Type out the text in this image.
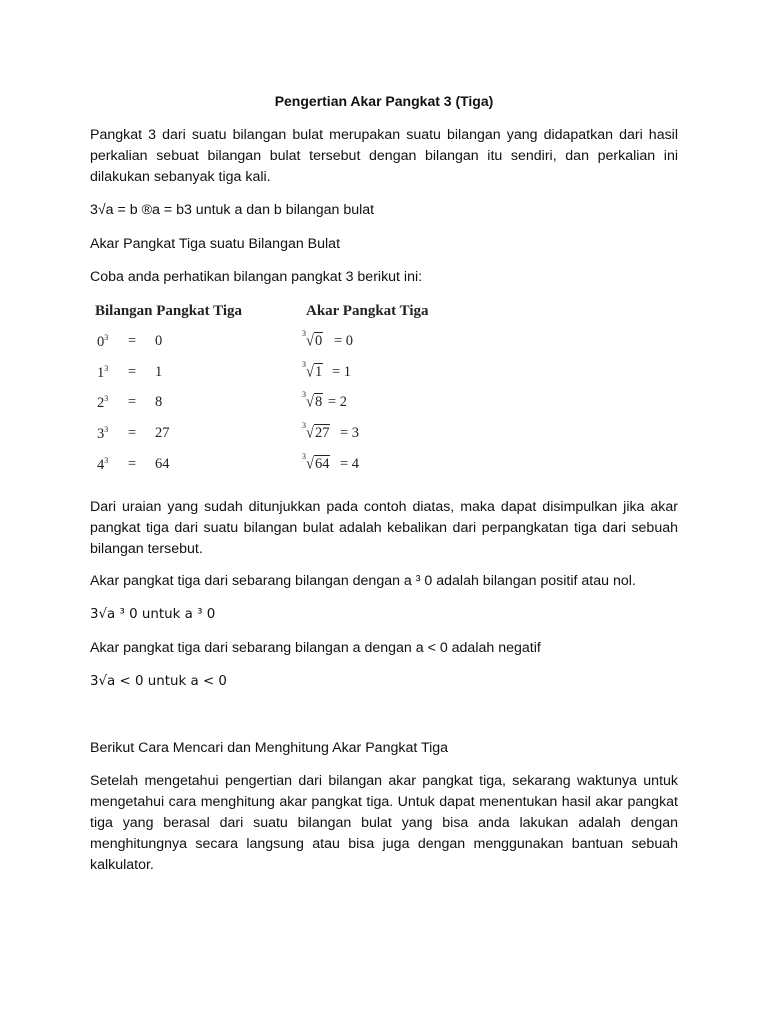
Pengertian Akar Pangkat 3 (Tiga)

Pangkat 3 dari suatu bilangan bulat merupakan suatu bilangan yang didapatkan dari hasil perkalian sebuat bilangan bulat tersebut dengan bilangan itu sendiri, dan perkalian ini dilakukan sebanyak tiga kali.

3√a = b ®a = b3 untuk a dan b bilangan bulat
Akar Pangkat Tiga suatu Bilangan Bulat
Coba anda perhatikan bilangan pangkat 3 berikut ini:
Bilangan Pangkat Tiga	Akar Pangkat Tiga
$0^3 = 0$	3 √0 = 0
$1^3 = 1$	3 √1 = 1
$2^3 = 8$	3 √8 = 2
$3^3 = 27$	3 √27 = 3
$4^3 = 64$	3 √64 = 4

Dari uraian yang sudah ditunjukkan pada contoh diatas, maka dapat disimpulkan jika akar pangkat tiga dari suatu bilangan bulat adalah kebalikan dari perpangkatan tiga dari sebuah bilangan tersebut.

Akar pangkat tiga dari sebarang bilangan dengan a ³ 0 adalah bilangan positif atau nol.
3√a ³ 0 untuk a ³ 0
Akar pangkat tiga dari sebarang bilangan a dengan a < 0 adalah negatif
3√a < 0 untuk a < 0
Berikut Cara Mencari dan Menghitung Akar Pangkat Tiga

Setelah mengetahui pengertian dari bilangan akar pangkat tiga, sekarang waktunya untuk mengetahui cara menghitung akar pangkat tiga. Untuk dapat menentukan hasil akar pangkat tiga yang berasal dari suatu bilangan bulat yang bisa anda lakukan adalah dengan menghitungnya secara langsung atau bisa juga dengan menggunakan bantuan sebuah kalkulator.
